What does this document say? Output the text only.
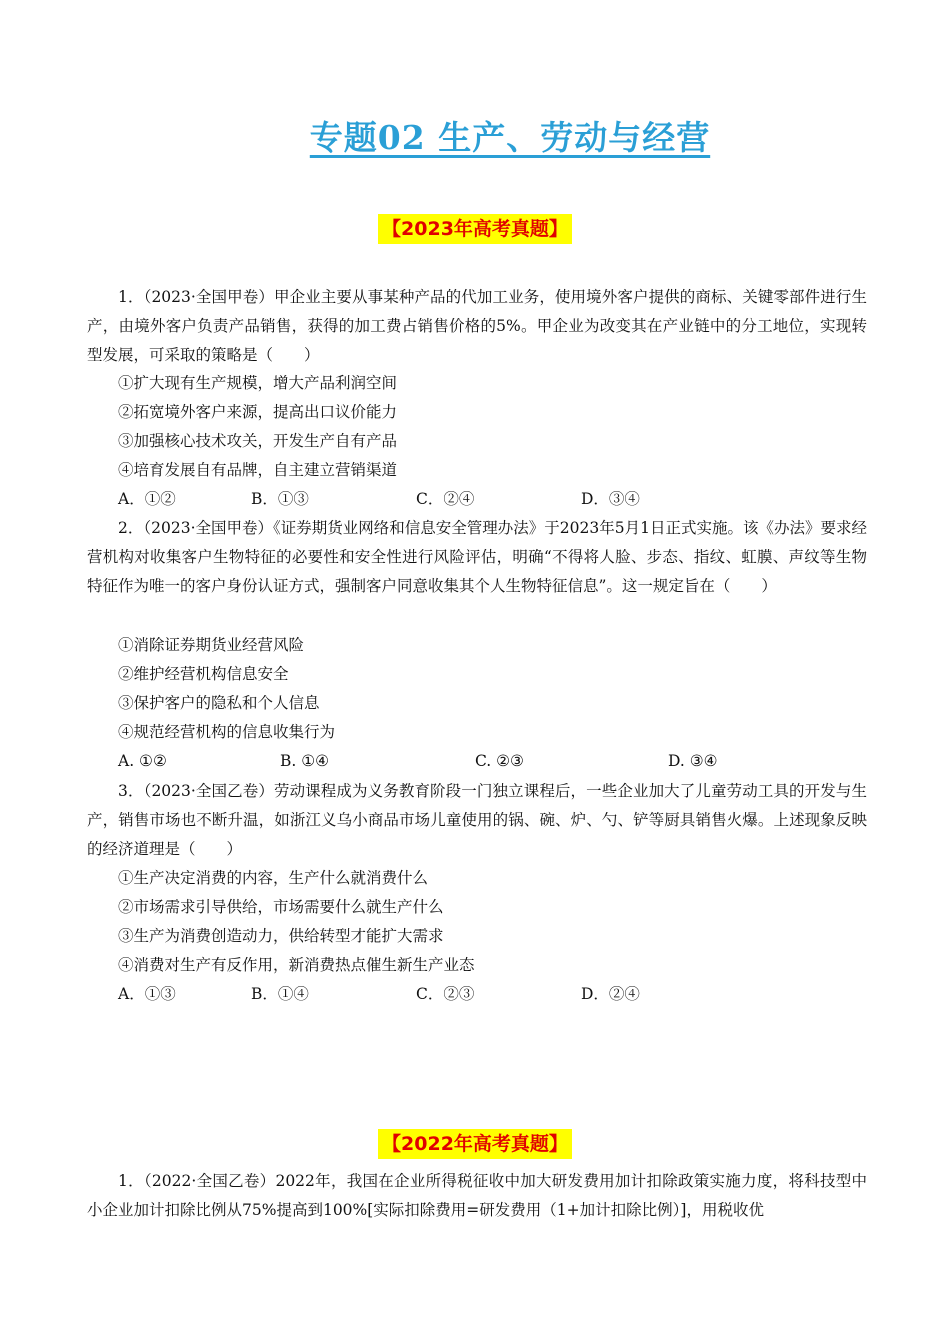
专题02 生产、劳动与经营
【2023年高考真题】

1．（2023·全国甲卷）甲企业主要从事某种产品的代加工业务，使用境外客户提供的商标、关键零部件进行生产，由境外客户负责产品销售，获得的加工费占销售价格的5%。甲企业为改变其在产业链中的分工地位，实现转型发展，可采取的策略是（　　）

①扩大现有生产规模，增大产品利润空间
②拓宽境外客户来源，提高出口议价能力
③加强核心技术攻关，开发生产自有产品
④培育发展自有品牌，自主建立营销渠道
A．①②	B．①③	C．②④	D．③④

2．（2023·全国甲卷）《证券期货业网络和信息安全管理办法》于2023年5月1日正式实施。该《办法》要求经营机构对收集客户生物特征的必要性和安全性进行风险评估，明确“不得将人脸、步态、指纹、虹膜、声纹等生物特征作为唯一的客户身份认证方式，强制客户同意收集其个人生物特征信息”。这一规定旨在（　　）

①消除证券期货业经营风险
②维护经营机构信息安全
③保护客户的隐私和个人信息
④规范经营机构的信息收集行为
A. ①②	B. ①④	C. ②③	D. ③④

3．（2023·全国乙卷）劳动课程成为义务教育阶段一门独立课程后，一些企业加大了儿童劳动工具的开发与生产，销售市场也不断升温，如浙江义乌小商品市场儿童使用的锅、碗、炉、勺、铲等厨具销售火爆。上述现象反映的经济道理是（　　）

①生产决定消费的内容，生产什么就消费什么
②市场需求引导供给，市场需要什么就生产什么
③生产为消费创造动力，供给转型才能扩大需求
④消费对生产有反作用，新消费热点催生新生产业态
A．①③	B．①④	C．②③	D．②④
【2022年高考真题】

1．（2022·全国乙卷）2022年，我国在企业所得税征收中加大研发费用加计扣除政策实施力度，将科技型中小企业加计扣除比例从75%提高到100%[实际扣除费用=研发费用（1+加计扣除比例）]，用税收优
